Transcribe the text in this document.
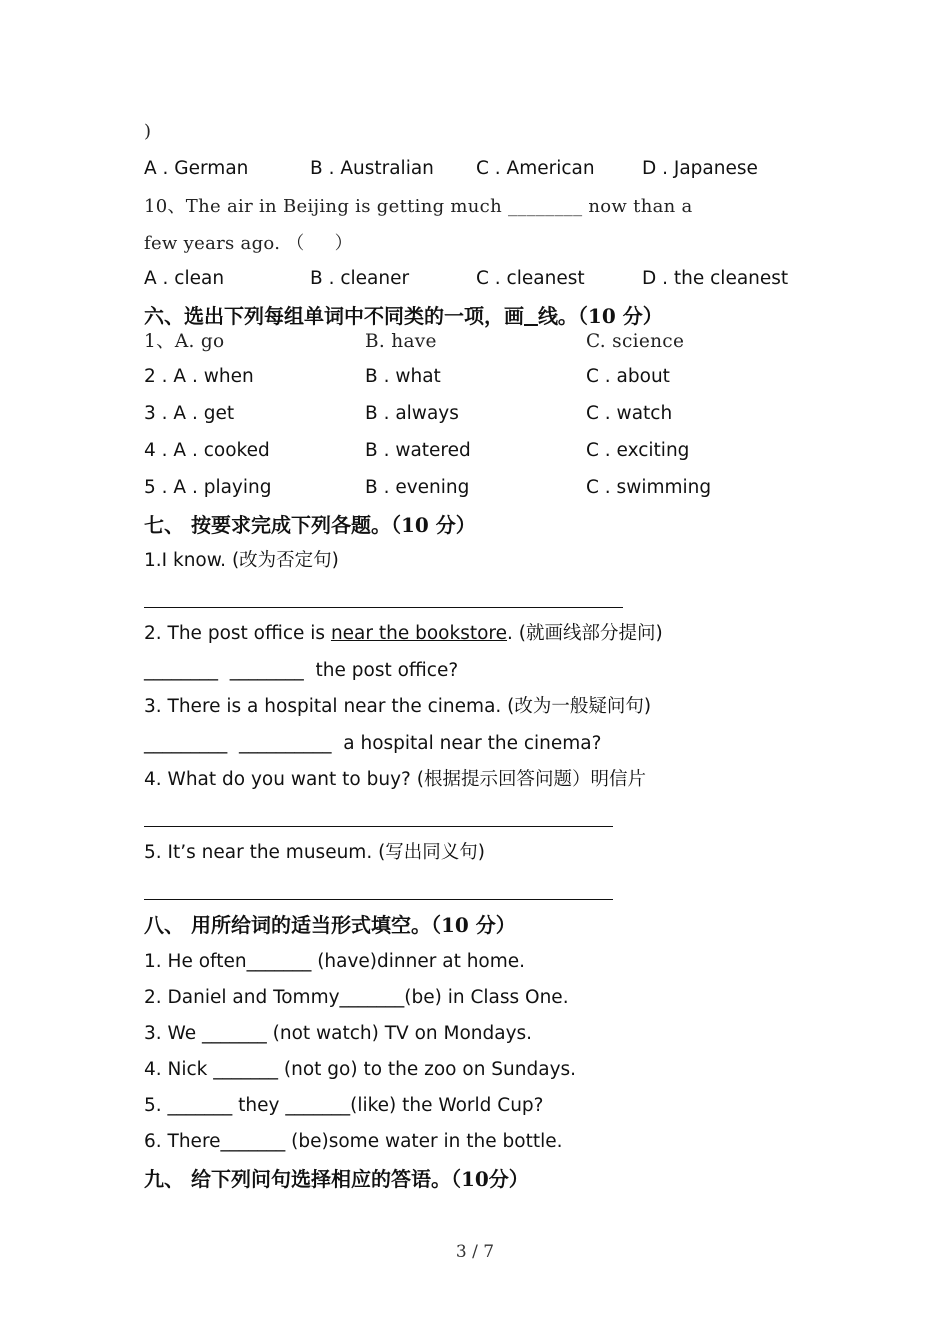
)
A . German	B . Australian C . American	D . Japanese
10、The air in Beijing is getting much ________ now than a
few years ago. （     ）
A . clean	B . cleaner	C . cleanest	D . the cleanest
六、选出下列每组单词中不同类的一项，画 线。（10 分）
1、A. go	B. have	C. science
2 . A . when	B . what	C . about
3 . A . get	B . always	C . watch
4 . A . cooked	B . watered	C . exciting
5 . A . playing	B . evening	C . swimming
七、 按要求完成下列各题。（10 分）
1.I know. (改为否定句)
2. The post office is near the bookstore. (就画线部分提问)
________  ________  the post office?
3. There is a hospital near the cinema. (改为一般疑问句)
_________  __________  a hospital near the cinema?
4. What do you want to buy? (根据提示回答问题）明信片
5. It’s near the museum. (写出同义句)
八、 用所给词的适当形式填空。（10 分）
1. He often_______ (have)dinner at home.
2. Daniel and Tommy_______(be) in Class One.
3. We _______ (not watch) TV on Mondays.
4. Nick _______ (not go) to the zoo on Sundays.
5. _______ they _______(like) the World Cup?
6. There_______ (be)some water in the bottle.
九、 给下列问句选择相应的答语。（10分）
3 / 7
